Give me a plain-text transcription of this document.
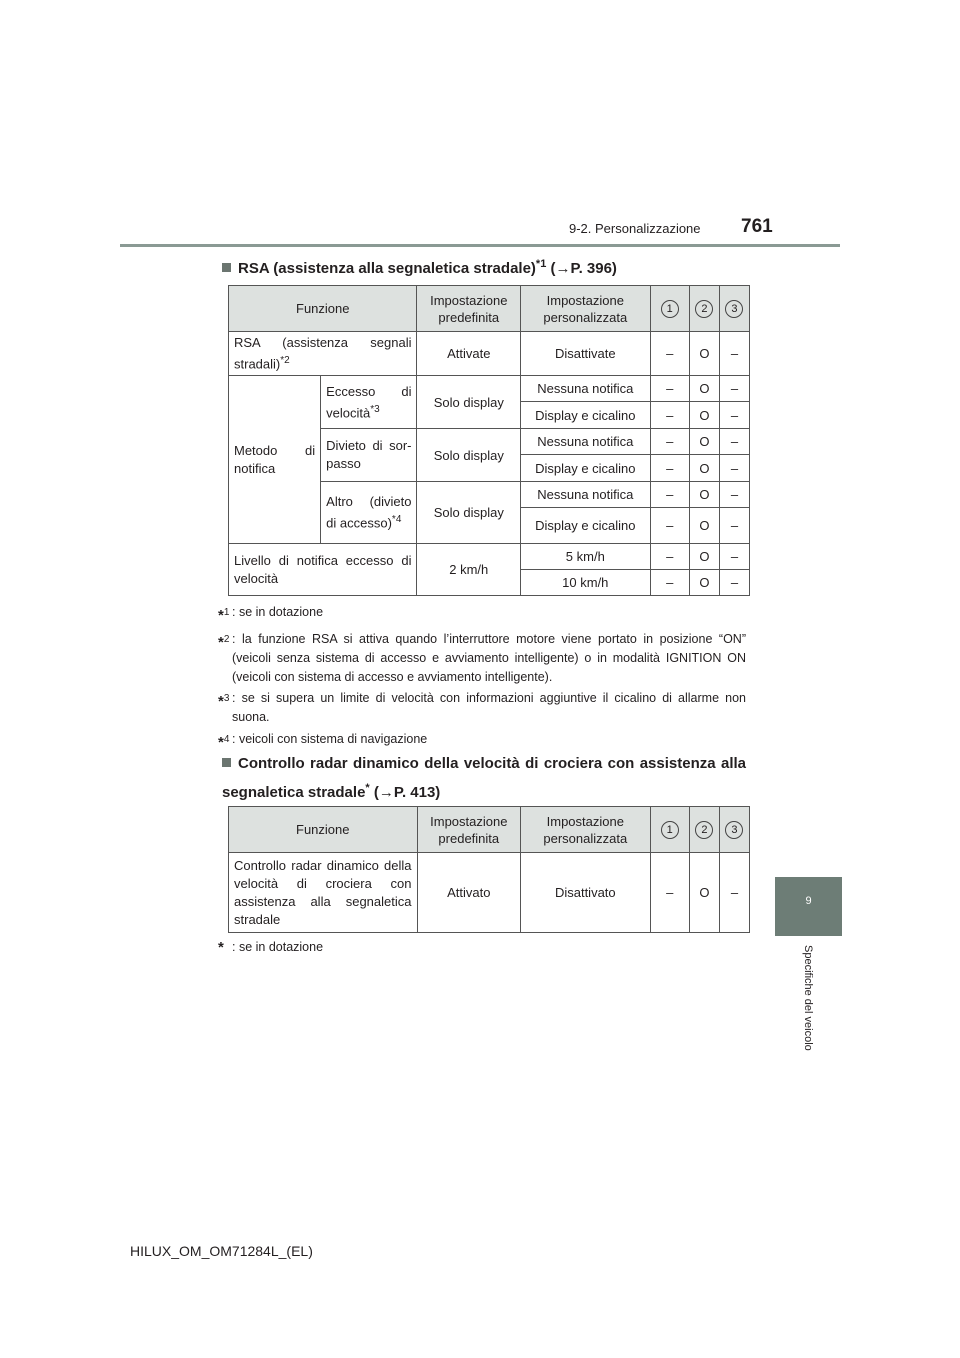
9-2. Personalizzazione 761
9
Specifiche del veicolo
RSA (assistenza alla segnaletica stradale)$^{*1}$ (→P. 396)
Funzione		Impostazione predefinita	Impostazione personalizzata	1	2	3
RSA (assistenza segnali stradali)$^{*2}$		Attivate	Disattivate	–	O	–
Metodo di notifica	Eccesso di velocità$^{*3}$	Solo display	Nessuna notifica	–	O	–
			Display e cicalino	–	O	–
	Divieto di sor-passo	Solo display	Nessuna notifica	–	O	–
			Display e cicalino	–	O	–
	Altro (divieto di accesso)$^{*4}$	Solo display	Nessuna notifica	–	O	–
			Display e cicalino	–	O	–
Livello di notifica eccesso di velocità		2 km/h	5 km/h	–	O	–
			10 km/h	–	O	–
*$^1$ : se in dotazione
*$^2$ : la funzione RSA si attiva quando l’interruttore motore viene portato in posizione “ON” (veicoli senza sistema di accesso e avviamento intelligente) o in modalità IGNITION ON (veicoli con sistema di accesso e avviamento intelligente).
*$^3$ : se si supera un limite di velocità con informazioni aggiuntive il cicalino di allarme non suona.
*$^4$ : veicoli con sistema di navigazione
Controllo radar dinamico della velocità di crociera con assistenza alla segnaletica stradale* (→P. 413)
Funzione	Impostazione predefinita	Impostazione personalizzata	1	2	3
Controllo radar dinamico della velocità di crociera con assistenza alla segnaletica stradale	Attivato	Disattivato	–	O	–
* : se in dotazione
HILUX_OM_OM71284L_(EL)
